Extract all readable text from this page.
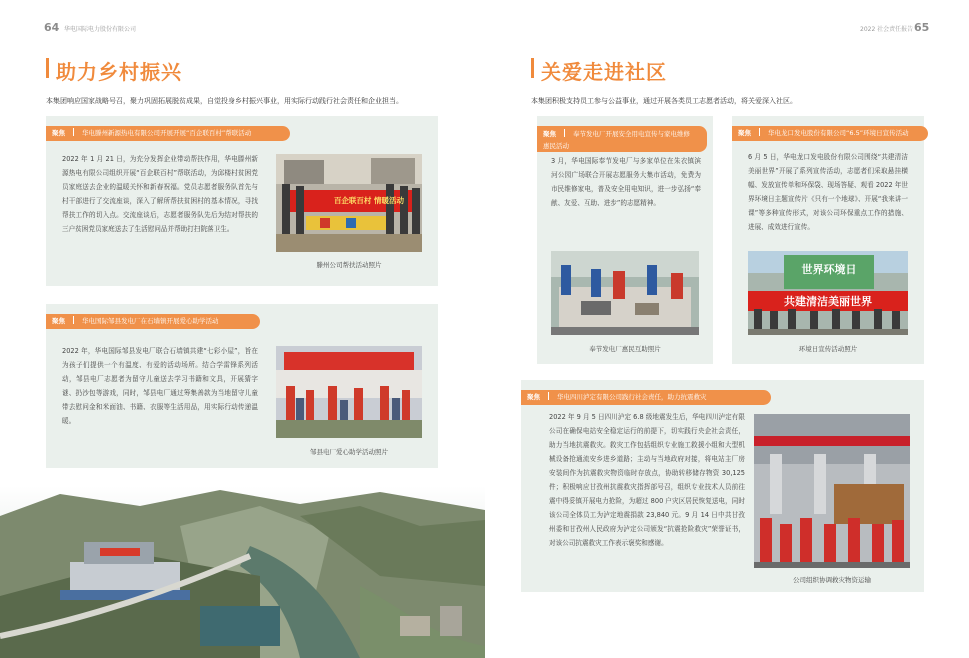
64 华电国际电力股份有限公司	2022 社会责任报告 65
助力乡村振兴
本集团响应国家战略号召，聚力巩固拓展脱贫成果，自觉投身乡村振兴事业，用实际行动践行社会责任和企业担当。
聚焦	华电滕州新源热电有限公司开展开展“百企联百村”帮联活动
2022 年 1 月 21 日，为充分发挥企业带动帮扶作用，华电滕州新源热电有限公司组织开展“百企联百村”帮联活动，为邱楼村贫困党员家庭送去企业的温暖关怀和新春祝福。党员志愿者服务队首先与村干部进行了交流座谈，深入了解所帮扶贫困村的基本情况，寻找帮扶工作的切入点。交流座谈后，志愿者服务队先后为结对帮扶的三户贫困党员家庭送去了生活慰问品并帮助打扫院落卫生。
百企联百村 情暖活动
滕州公司帮扶活动照片
聚焦	华电国际邹县发电厂在石墙镇开展爱心助学活动
2022 年，华电国际邹县发电厂联合石墙镇共建“七彩小屋”，旨在为孩子们提供一个有温度、有爱的活动场所。结合学雷锋系列活动，邹县电厂志愿者为留守儿童送去学习书籍和文具，开展猜字谜、扔沙包等游戏，同时，邹县电厂通过筹集善款为当地留守儿童带去慰问金和米面油、书籍、衣服等生活用品，用实际行动传递温暖。
邹县电厂爱心助学活动照片
关爱走进社区
本集团积极支持员工参与公益事业，通过开展各类员工志愿者活动，将关爱深入社区。
聚焦	奉节发电厂开展安全用电宣传与家电维修惠民活动
3 月，华电国际奉节发电厂与多家单位在朱衣镇滨河公园广场联合开展志愿服务大集市活动，免费为市民维修家电，普及安全用电知识，进一步弘扬“奉献、友爱、互助、进步”的志愿精神。
奉节发电厂惠民互助照片
聚焦	华电龙口发电股份有限公司“6.5”环境日宣传活动
6 月 5 日，华电龙口发电股份有限公司围绕“共建清洁美丽世界”开展了系列宣传活动，志愿者们采取悬挂横幅、发放宣传单和环保袋、现场答疑、观看 2022 年世界环境日主题宣传片《只有一个地球》、开展“我来讲一课”等多种宣传形式，对该公司环保重点工作的措施、进展、成效进行宣传。
世界环境日
共建清洁美丽世界
环境日宣传活动照片
聚焦	华电四川泸定有限公司践行社会责任，助力抗震救灾
2022 年 9 月 5 日四川泸定 6.8 级地震发生后，华电四川泸定有限公司在确保电站安全稳定运行的前提下，切实践行央企社会责任，助力当地抗震救灾。救灾工作包括组织专业施工救援小组和大型机械设备抢通流安乡进乡道路；主动与当地政府对接，将电站主厂房安装间作为抗震救灾物资临时存放点，协助转移储存物资 30,125 件；积极响应甘孜州抗震救灾指挥部号召，组织专业技术人员前往震中得妥镇开展电力抢险，为超过 800 户灾区居民恢复送电，同时该公司全体员工为泸定地震捐款 23,840 元。9 月 14 日中共甘孜州委和甘孜州人民政府为泸定公司颁发“抗震抢险救灾”荣誉证书，对该公司抗震救灾工作表示褒奖和感谢。
公司组织协调救灾物资运输
